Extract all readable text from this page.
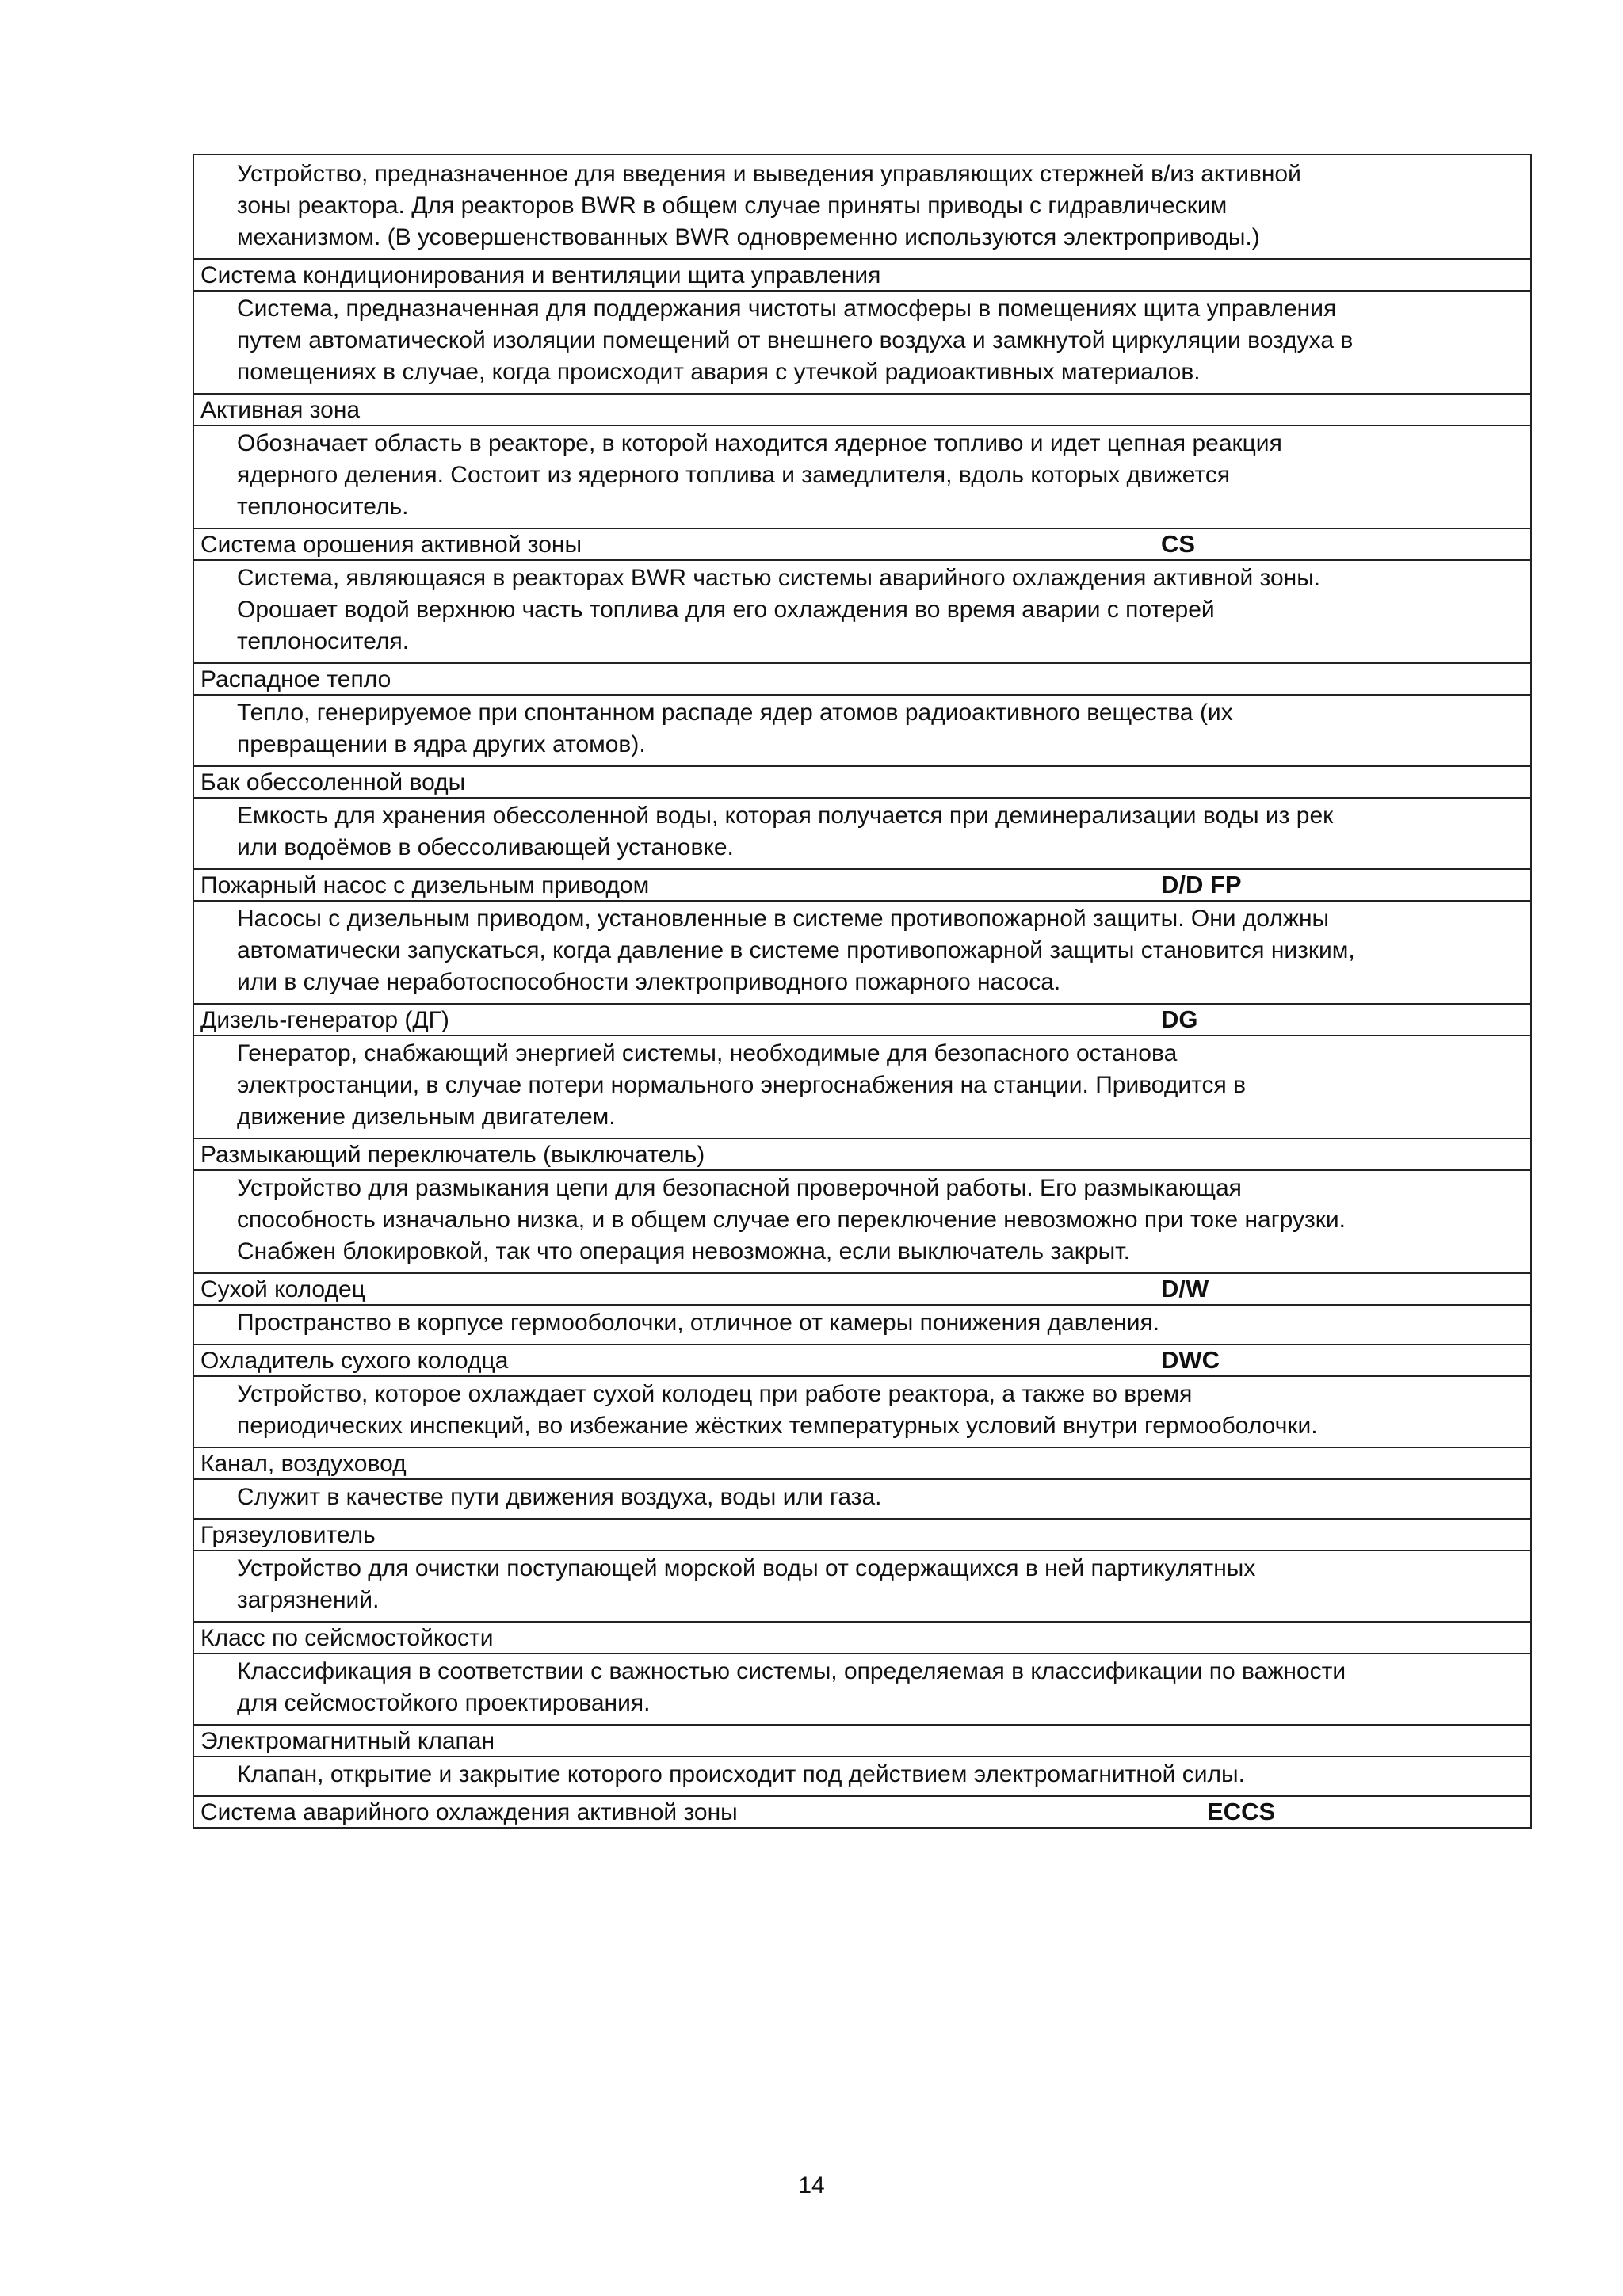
Устройство, предназначенное для введения и выведения управляющих стержней в/из активной
зоны реактора. Для реакторов BWR в общем случае приняты приводы с гидравлическим
механизмом. (В усовершенствованных BWR одновременно используются электроприводы.)
Система кондиционирования и вентиляции щита управления
Система, предназначенная для поддержания чистоты атмосферы в помещениях щита управления
путем автоматической изоляции помещений от внешнего воздуха и замкнутой циркуляции воздуха в
помещениях в случае, когда происходит авария с утечкой радиоактивных материалов.
Активная зона
Обозначает область в реакторе, в которой находится ядерное топливо и идет цепная реакция
ядерного деления. Состоит из ядерного топлива и замедлителя, вдоль которых движется
теплоноситель.
Система орошения активной зоны	CS
Система, являющаяся в реакторах BWR частью системы аварийного охлаждения активной зоны.
Орошает водой верхнюю часть топлива для его охлаждения во время аварии с потерей
теплоносителя.
Распадное тепло
Тепло, генерируемое при спонтанном распаде ядер атомов радиоактивного вещества (их
превращении в ядра других атомов).
Бак обессоленной воды
Емкость для хранения обессоленной воды, которая получается при деминерализации воды из рек
или водоёмов в обессоливающей установке.
Пожарный насос с дизельным приводом	D/D FP
Насосы с дизельным приводом, установленные в системе противопожарной защиты. Они должны
автоматически запускаться, когда давление в системе противопожарной защиты становится низким,
или в случае неработоспособности электроприводного пожарного насоса.
Дизель-генератор (ДГ)	DG
Генератор, снабжающий энергией системы, необходимые для безопасного останова
электростанции, в случае потери нормального энергоснабжения на станции. Приводится в
движение дизельным двигателем.
Размыкающий переключатель (выключатель)
Устройство для размыкания цепи для безопасной проверочной работы. Его размыкающая
способность изначально низка, и в общем случае его переключение невозможно при токе нагрузки.
Снабжен блокировкой, так что операция невозможна, если выключатель закрыт.
Сухой колодец	D/W
Пространство в корпусе гермооболочки, отличное от камеры понижения давления.
Охладитель сухого колодца	DWC
Устройство, которое охлаждает сухой колодец при работе реактора, а также во время
периодических инспекций, во избежание жёстких температурных условий внутри гермооболочки.
Канал, воздуховод
Служит в качестве пути движения воздуха, воды или газа.
Грязеуловитель
Устройство для очистки поступающей морской воды от содержащихся в ней партикулятных
загрязнений.
Класс по сейсмостойкости
Классификация в соответствии с важностью системы, определяемая в классификации по важности
для сейсмостойкого проектирования.
Электромагнитный клапан
Клапан, открытие и закрытие которого происходит под действием электромагнитной силы.
Система аварийного охлаждения активной зоны	ECCS
14
